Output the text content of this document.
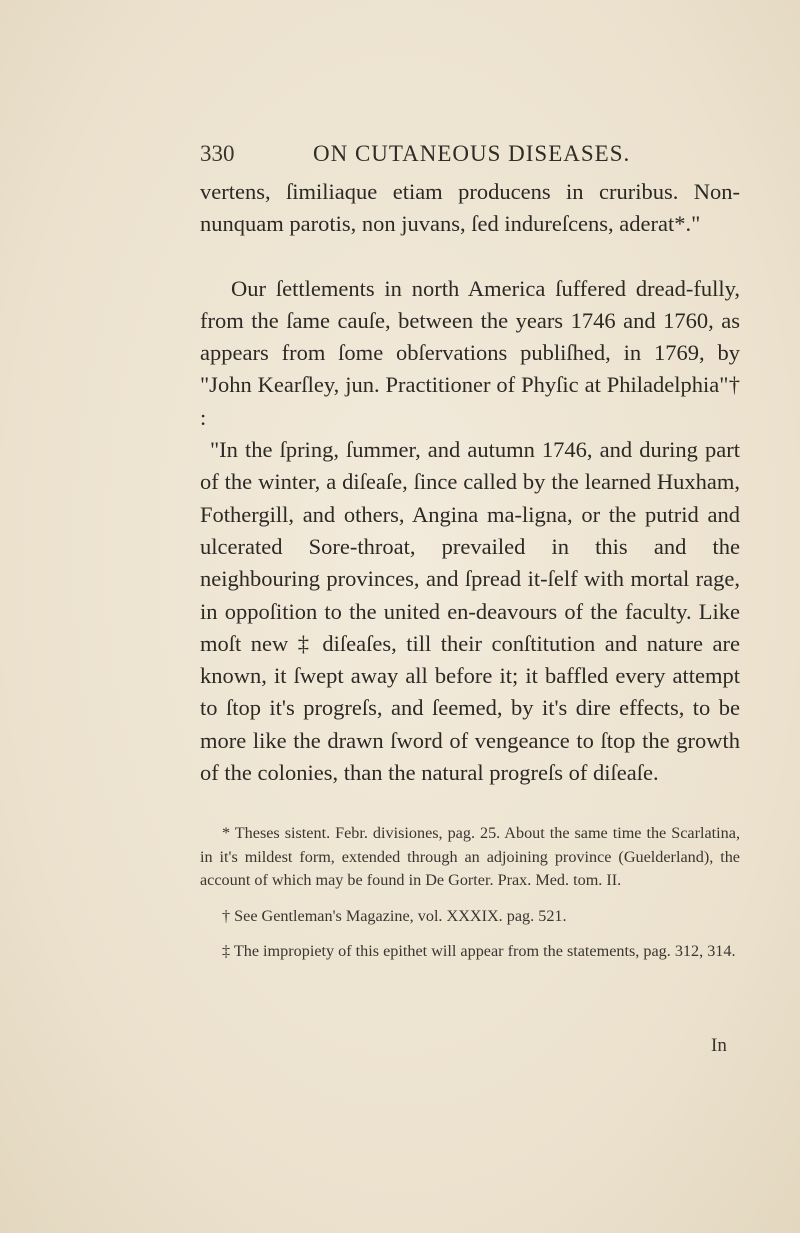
330	ON CUTANEOUS DISEASES.

vertens, ſimiliaque etiam producens in cruribus. Non-nunquam parotis, non juvans, ſed indureſcens, aderat*."

Our ſettlements in north America ſuffered dread-fully, from the ſame cauſe, between the years 1746 and 1760, as appears from ſome obſervations publiſhed, in 1769, by "John Kearſley, jun. Practitioner of Phyſic at Philadelphia"† :

"In the ſpring, ſummer, and autumn 1746, and during part of the winter, a diſeaſe, ſince called by the learned Huxham, Fothergill, and others, Angina ma-ligna, or the putrid and ulcerated Sore-throat, prevailed in this and the neighbouring provinces, and ſpread it-ſelf with mortal rage, in oppoſition to the united en-deavours of the faculty. Like moſt new ‡ diſeaſes, till their conſtitution and nature are known, it ſwept away all before it; it baffled every attempt to ſtop it's progreſs, and ſeemed, by it's dire effects, to be more like the drawn ſword of vengeance to ſtop the growth of the colonies, than the natural progreſs of diſeaſe.

* Theses sistent. Febr. divisiones, pag. 25. About the same time the Scarlatina, in it's mildest form, extended through an adjoining province (Guelderland), the account of which may be found in De Gorter. Prax. Med. tom. II.

† See Gentleman's Magazine, vol. XXXIX. pag. 521.

‡ The impropiety of this epithet will appear from the statements, pag. 312, 314.

In
